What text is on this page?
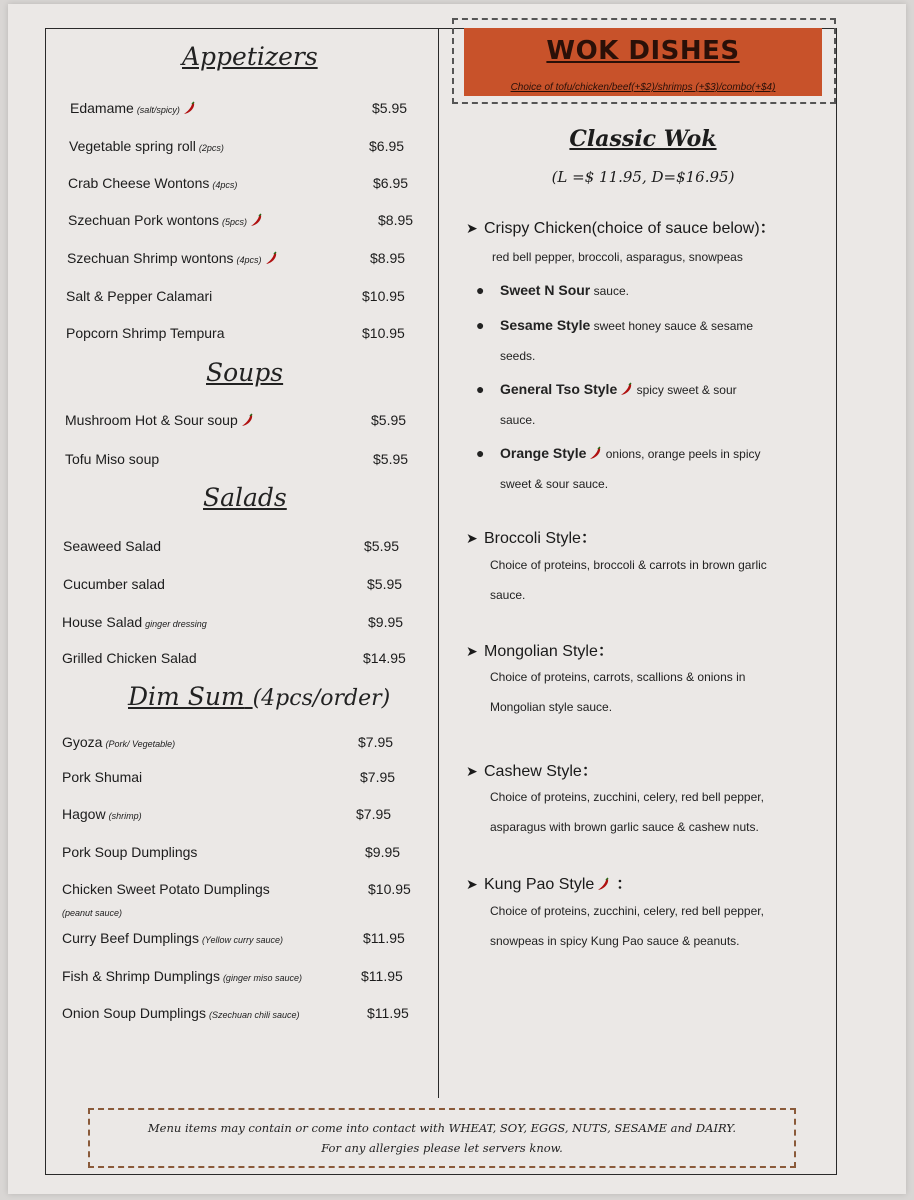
Appetizers
Edamame (salt/spicy)	$5.95
Vegetable spring roll (2pcs)	$6.95
Crab Cheese Wontons (4pcs)	$6.95
Szechuan Pork wontons (5pcs)	$8.95
Szechuan Shrimp wontons (4pcs)	$8.95
Salt & Pepper Calamari	$10.95
Popcorn Shrimp Tempura	$10.95
Soups
Mushroom Hot & Sour soup	$5.95
Tofu Miso soup	$5.95
Salads
Seaweed Salad	$5.95
Cucumber salad	$5.95
House Salad ginger dressing	$9.95
Grilled Chicken Salad	$14.95
Dim Sum (4pcs/order)
Gyoza (Pork/ Vegetable)	$7.95
Pork Shumai	$7.95
Hagow (shrimp)	$7.95
Pork Soup Dumplings	$9.95
Chicken Sweet Potato Dumplings	$10.95
(peanut sauce)
Curry Beef Dumplings (Yellow curry sauce)	$11.95
Fish & Shrimp Dumplings (ginger miso sauce)	$11.95
Onion Soup Dumplings (Szechuan chili sauce)	$11.95
WOK DISHES
Choice of tofu/chicken/beef(+$2)/shrimps (+$3)/combo(+$4)
Classic Wok
(L =$ 11.95, D=$16.95)
➤ Crispy Chicken(choice of sauce below)：
red bell pepper, broccoli, asparagus, snowpeas
● Sweet N Sour sauce.
● Sesame Style sweet honey sauce & sesame
seeds.
● General Tso Style spicy sweet & sour
sauce.
● Orange Style onions, orange peels in spicy
sweet & sour sauce.
➤ Broccoli Style：
Choice of proteins, broccoli & carrots in brown garlic
sauce.
➤ Mongolian Style：
Choice of proteins, carrots, scallions & onions in
Mongolian style sauce.
➤ Cashew Style：
Choice of proteins, zucchini, celery, red bell pepper,
asparagus with brown garlic sauce & cashew nuts.
➤ Kung Pao Style ：
Choice of proteins, zucchini, celery, red bell pepper,
snowpeas in spicy Kung Pao sauce & peanuts.
Menu items may contain or come into contact with WHEAT, SOY, EGGS, NUTS, SESAME and DAIRY.
For any allergies please let servers know.
